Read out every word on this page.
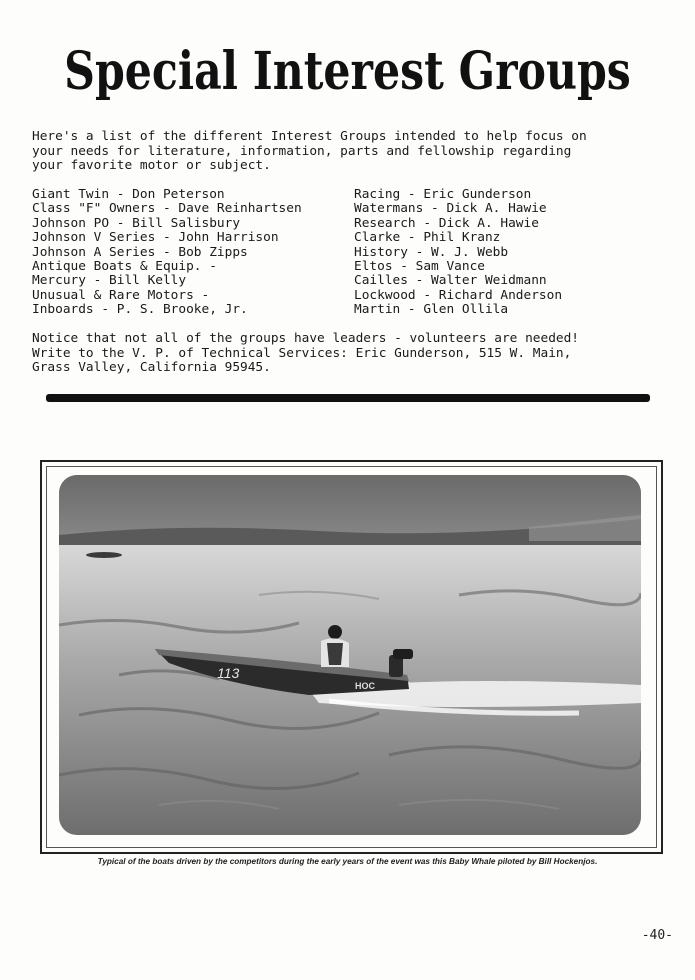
Special Interest Groups
Here's a list of the different Interest Groups intended to help focus on
your needs for literature, information, parts and fellowship regarding
your favorite motor or subject.
Giant Twin - Don Peterson
Class "F" Owners - Dave Reinhartsen
Johnson PO - Bill Salisbury
Johnson V Series - John Harrison
Johnson A Series - Bob Zipps
Antique Boats & Equip. -
Mercury - Bill Kelly
Unusual & Rare Motors -
Inboards - P. S. Brooke, Jr.
Racing - Eric Gunderson
Watermans - Dick A. Hawie
Research - Dick A. Hawie
Clarke - Phil Kranz
History - W. J. Webb
Eltos - Sam Vance
Cailles - Walter Weidmann
Lockwood - Richard Anderson
Martin - Glen Ollila
Notice that not all of the groups have leaders - volunteers are needed!
Write to the V. P. of Technical Services: Eric Gunderson, 515 W. Main,
Grass Valley, California 95945.
113
HOC
Typical of the boats driven by the competitors during the early years of the event was this Baby Whale piloted by Bill Hockenjos.
-40-
